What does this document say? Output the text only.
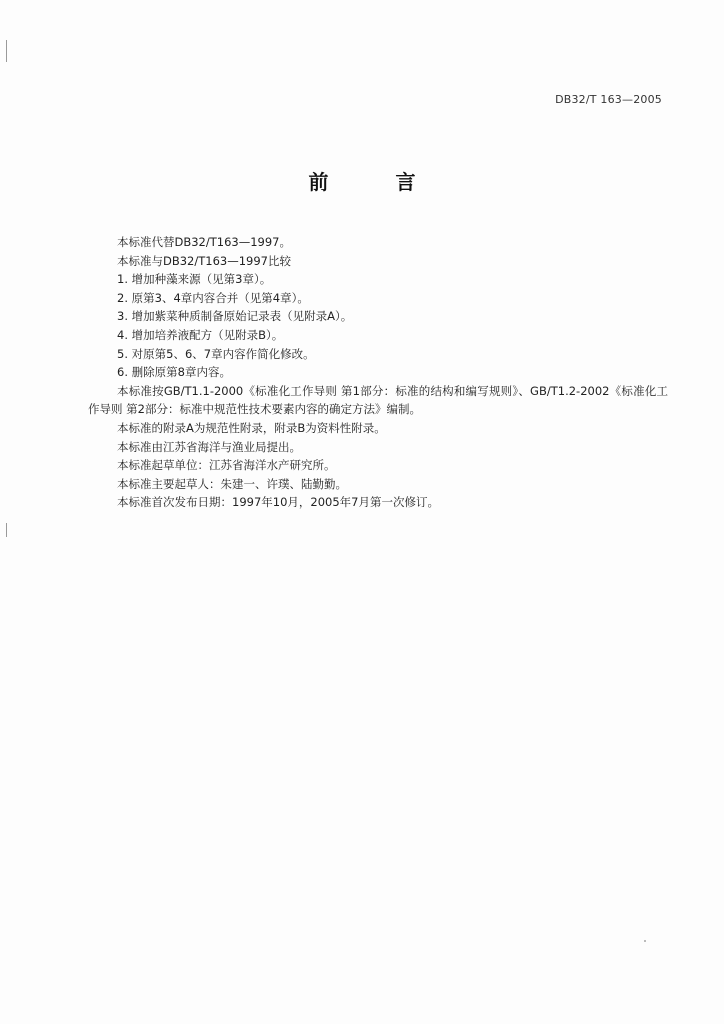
DB32/T 163—2005
前 言

本标准代替DB32/T163—1997。

本标准与DB32/T163—1997比较

1. 增加种藻来源（见第3章）。

2. 原第3、4章内容合并（见第4章）。

3. 增加紫菜种质制备原始记录表（见附录A）。

4. 增加培养液配方（见附录B）。

5. 对原第5、6、7章内容作简化修改。

6. 删除原第8章内容。

本标准按GB/T1.1-2000《标准化工作导则 第1部分：标准的结构和编写规则》、GB/T1.2-2002《标准化工作导则 第2部分：标准中规范性技术要素内容的确定方法》编制。

本标准的附录A为规范性附录，附录B为资料性附录。

本标准由江苏省海洋与渔业局提出。

本标准起草单位：江苏省海洋水产研究所。

本标准主要起草人：朱建一、许璞、陆勤勤。

本标准首次发布日期：1997年10月，2005年7月第一次修订。
